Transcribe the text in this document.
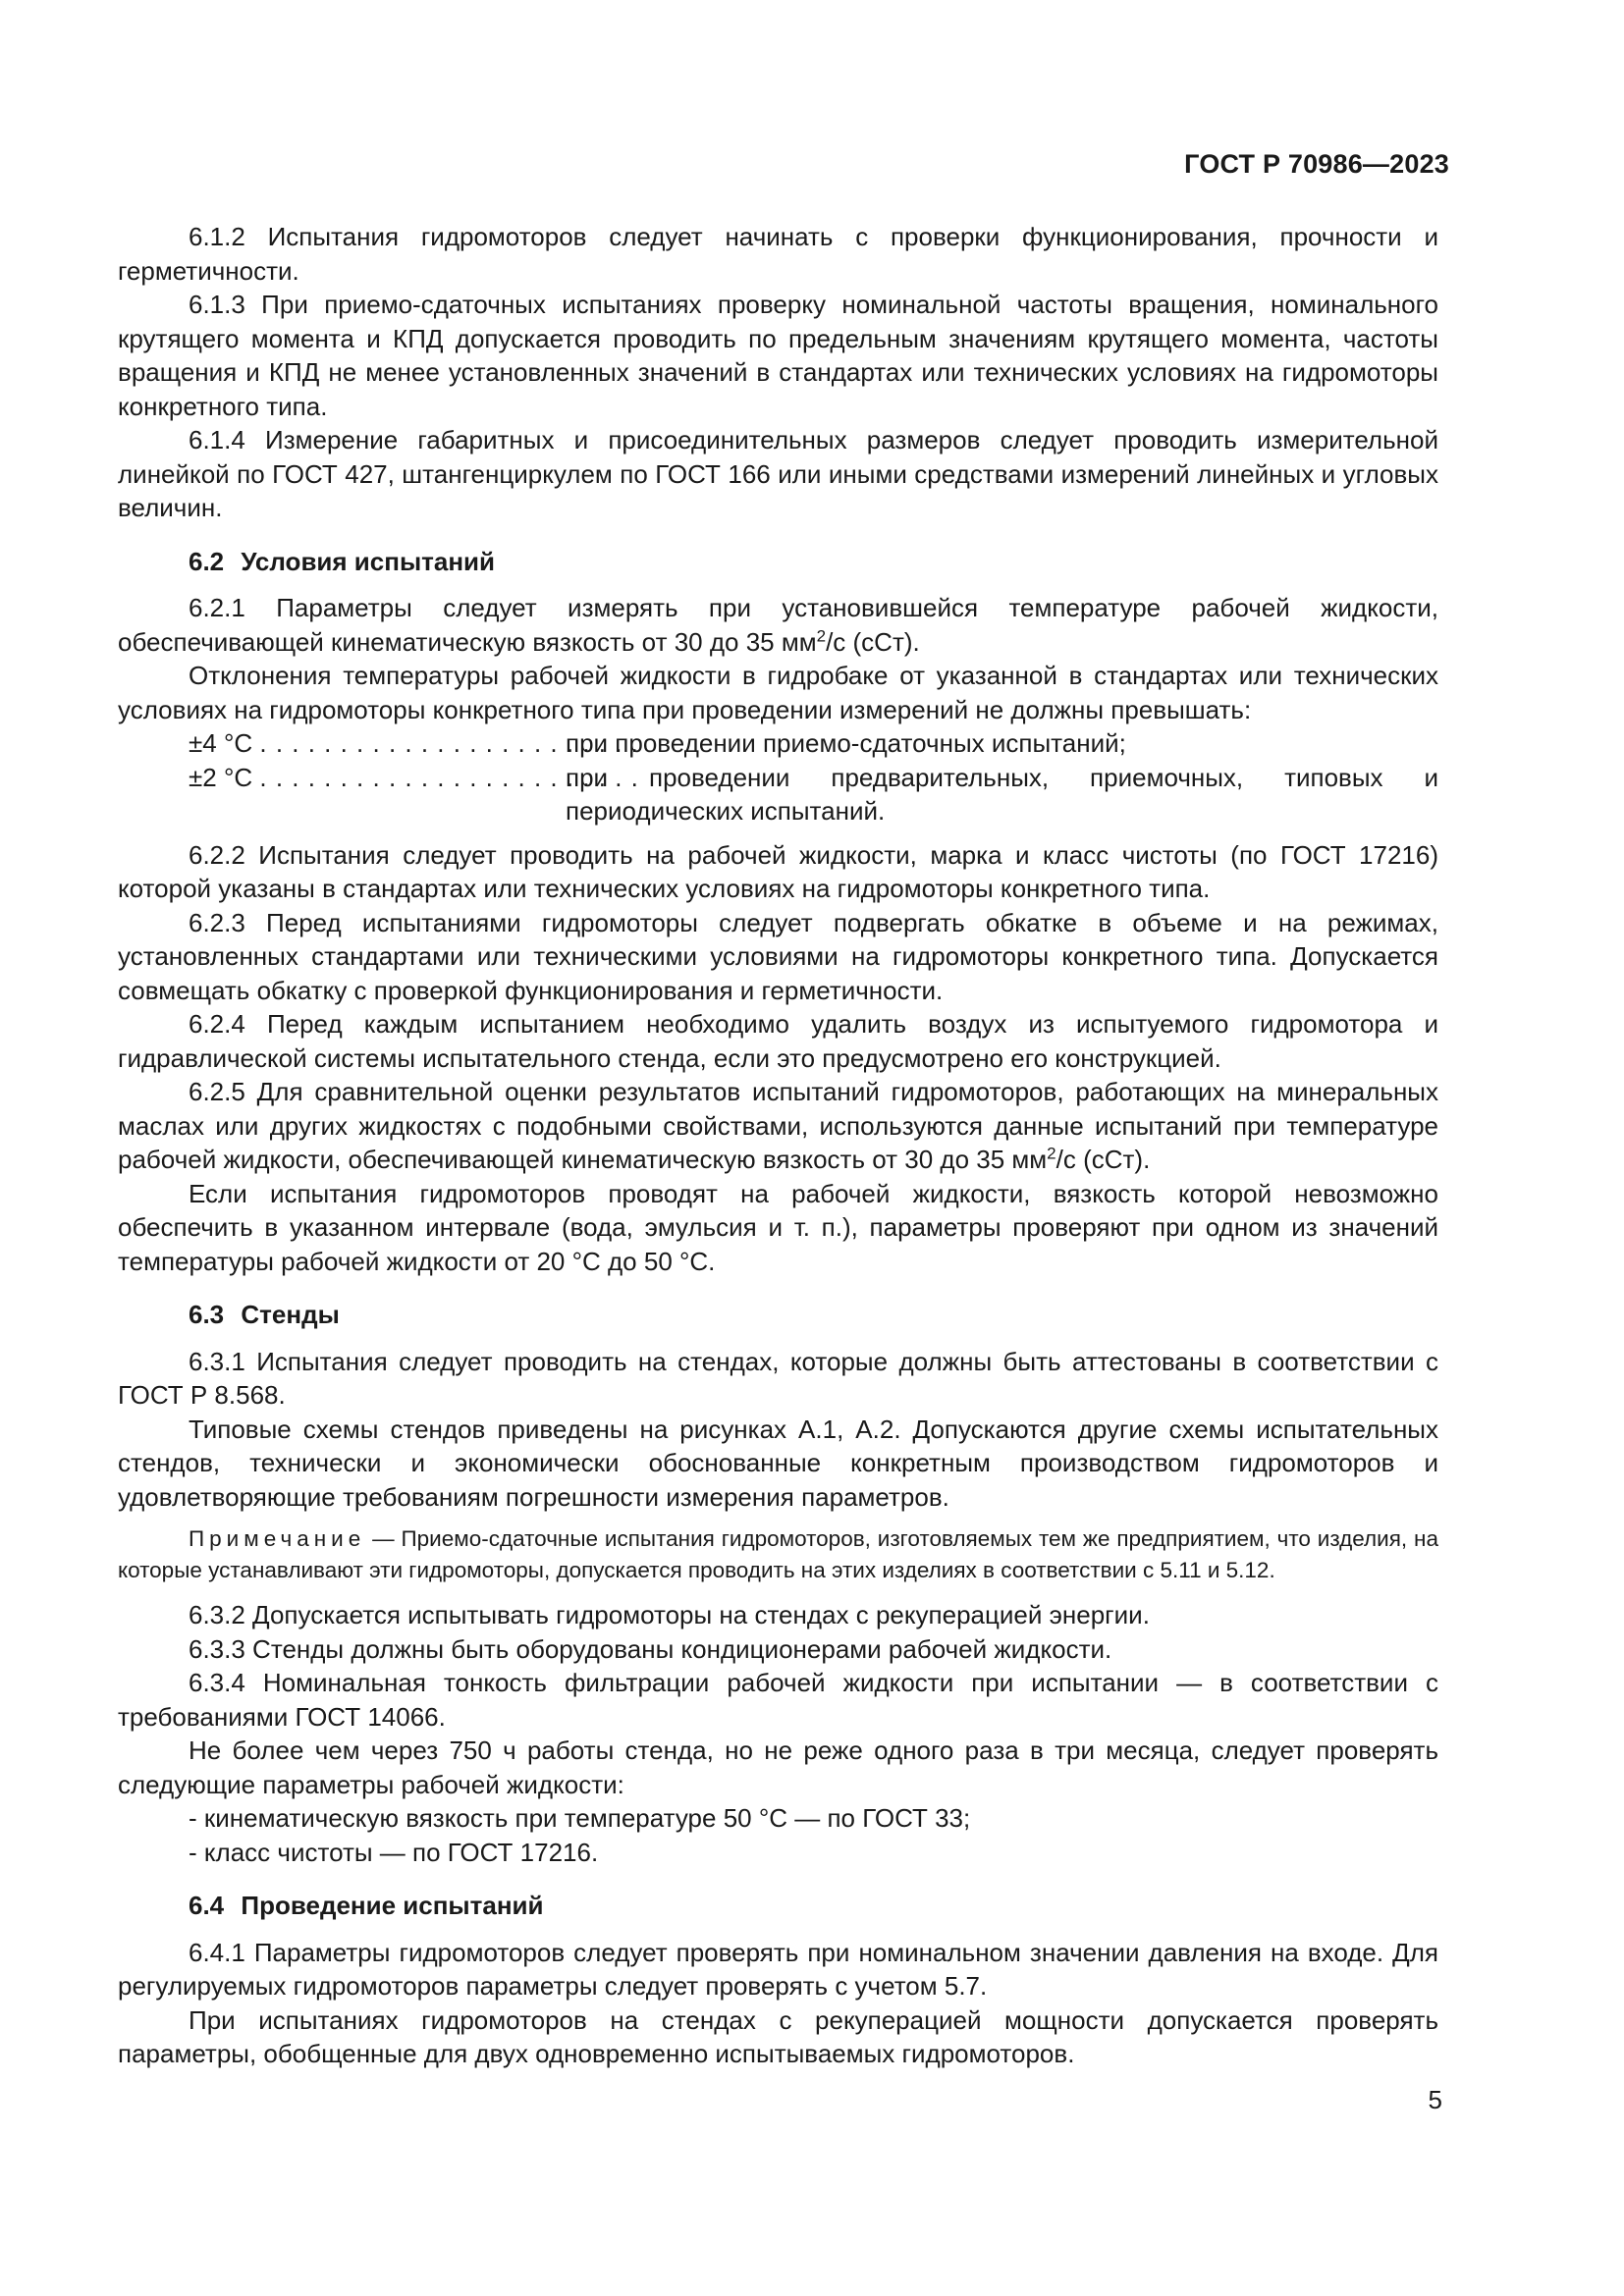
ГОСТ Р 70986—2023

6.1.2 Испытания гидромоторов следует начинать с проверки функционирования, прочности и герметичности.

6.1.3 При приемо-сдаточных испытаниях проверку номинальной частоты вращения, номинального крутящего момента и КПД допускается проводить по предельным значениям крутящего момента, частоты вращения и КПД не менее установленных значений в стандартах или технических условиях на гидромоторы конкретного типа.

6.1.4 Измерение габаритных и присоединительных размеров следует проводить измерительной линейкой по ГОСТ 427, штангенциркулем по ГОСТ 166 или иными средствами измерений линейных и угловых величин.

6.2 Условия испытаний

6.2.1 Параметры следует измерять при установившейся температуре рабочей жидкости, обеспечивающей кинематическую вязкость от 30 до 35 $мм^2/с$ (сСт).

Отклонения температуры рабочей жидкости в гидробаке от указанной в стандартах или технических условиях на гидромоторы конкретного типа при проведении измерений не должны превышать:

±4 °С . . . . . . . . . . . . . . . . . . . . . . . .
при проведении приемо-сдаточных испытаний;
±2 °С . . . . . . . . . . . . . . . . . . . . . . . .
при проведении предварительных, приемочных, типовых и периодических испытаний.

6.2.2 Испытания следует проводить на рабочей жидкости, марка и класс чистоты (по ГОСТ 17216) которой указаны в стандартах или технических условиях на гидромоторы конкретного типа.

6.2.3 Перед испытаниями гидромоторы следует подвергать обкатке в объеме и на режимах, установленных стандартами или техническими условиями на гидромоторы конкретного типа. Допускается совмещать обкатку с проверкой функционирования и герметичности.

6.2.4 Перед каждым испытанием необходимо удалить воздух из испытуемого гидромотора и гидравлической системы испытательного стенда, если это предусмотрено его конструкцией.

6.2.5 Для сравнительной оценки результатов испытаний гидромоторов, работающих на минеральных маслах или других жидкостях с подобными свойствами, используются данные испытаний при температуре рабочей жидкости, обеспечивающей кинематическую вязкость от 30 до 35 $мм^2/с$ (сСт).

Если испытания гидромоторов проводят на рабочей жидкости, вязкость которой невозможно обеспечить в указанном интервале (вода, эмульсия и т. п.), параметры проверяют при одном из значений температуры рабочей жидкости от 20 °С до 50 °С.

6.3 Стенды

6.3.1 Испытания следует проводить на стендах, которые должны быть аттестованы в соответствии с ГОСТ Р 8.568.

Типовые схемы стендов приведены на рисунках А.1, А.2. Допускаются другие схемы испытательных стендов, технически и экономически обоснованные конкретным производством гидромоторов и удовлетворяющие требованиям погрешности измерения параметров.

Примечание — Приемо-сдаточные испытания гидромоторов, изготовляемых тем же предприятием, что изделия, на которые устанавливают эти гидромоторы, допускается проводить на этих изделиях в соответствии с 5.11 и 5.12.

6.3.2 Допускается испытывать гидромоторы на стендах с рекуперацией энергии.

6.3.3 Стенды должны быть оборудованы кондиционерами рабочей жидкости.

6.3.4 Номинальная тонкость фильтрации рабочей жидкости при испытании — в соответствии с требованиями ГОСТ 14066.

Не более чем через 750 ч работы стенда, но не реже одного раза в три месяца, следует проверять следующие параметры рабочей жидкости:

- кинематическую вязкость при температуре 50 °С — по ГОСТ 33;

- класс чистоты — по ГОСТ 17216.

6.4 Проведение испытаний

6.4.1 Параметры гидромоторов следует проверять при номинальном значении давления на входе. Для регулируемых гидромоторов параметры следует проверять с учетом 5.7.

При испытаниях гидромоторов на стендах с рекуперацией мощности допускается проверять параметры, обобщенные для двух одновременно испытываемых гидромоторов.

5
